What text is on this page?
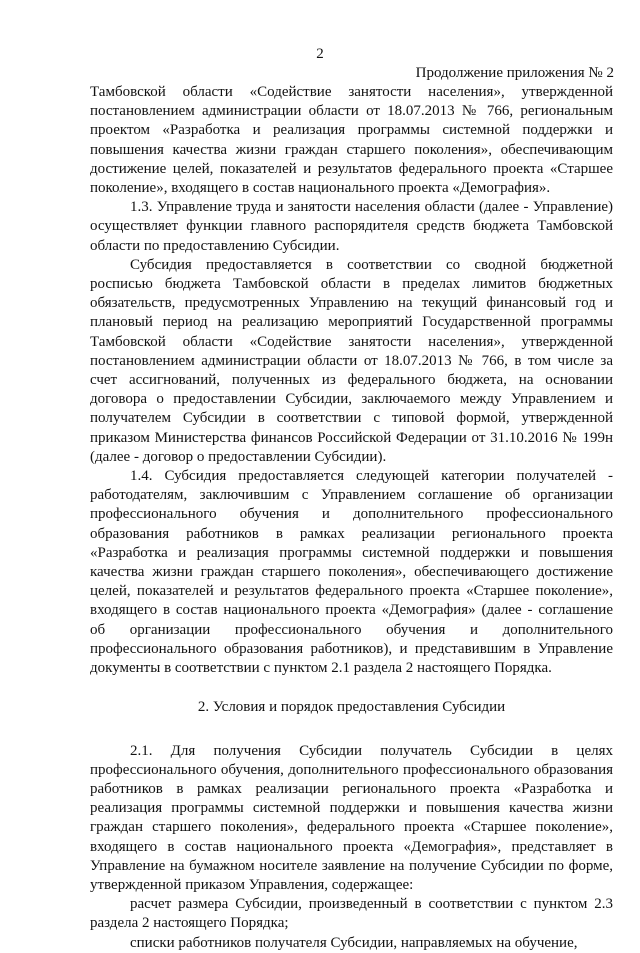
2
Продолжение приложения № 2

Тамбовской области «Содействие занятости населения», утвержденной постановлением администрации области от 18.07.2013 № 766, региональным проектом «Разработка и реализация программы системной поддержки и повышения качества жизни граждан старшего поколения», обеспечивающим достижение целей, показателей и результатов федерального проекта «Старшее поколение», входящего в состав национального проекта «Демография».

1.3. Управление труда и занятости населения области (далее - Управление) осуществляет функции главного распорядителя средств бюджета Тамбовской области по предоставлению Субсидии.

Субсидия предоставляется в соответствии со сводной бюджетной росписью бюджета Тамбовской области в пределах лимитов бюджетных обязательств, предусмотренных Управлению на текущий финансовый год и плановый период на реализацию мероприятий Государственной программы Тамбовской области «Содействие занятости населения», утвержденной постановлением администрации области от 18.07.2013 № 766, в том числе за счет ассигнований, полученных из федерального бюджета, на основании договора о предоставлении Субсидии, заключаемого между Управлением и получателем Субсидии в соответствии с типовой формой, утвержденной приказом Министерства финансов Российской Федерации от 31.10.2016 № 199н (далее - договор о предоставлении Субсидии).

1.4. Субсидия предоставляется следующей категории получателей - работодателям, заключившим с Управлением соглашение об организации профессионального обучения и дополнительного профессионального образования работников в рамках реализации регионального проекта «Разработка и реализация программы системной поддержки и повышения качества жизни граждан старшего поколения», обеспечивающего достижение целей, показателей и результатов федерального проекта «Старшее поколение», входящего в состав национального проекта «Демография» (далее - соглашение об организации профессионального обучения и дополнительного профессионального образования работников), и представившим в Управление документы в соответствии с пунктом 2.1 раздела 2 настоящего Порядка.

2. Условия и порядок предоставления Субсидии

2.1. Для получения Субсидии получатель Субсидии в целях профессионального обучения, дополнительного профессионального образования работников в рамках реализации регионального проекта «Разработка и реализация программы системной поддержки и повышения качества жизни граждан старшего поколения», федерального проекта «Старшее поколение», входящего в состав национального проекта «Демография», представляет в Управление на бумажном носителе заявление на получение Субсидии по форме, утвержденной приказом Управления, содержащее:

расчет размера Субсидии, произведенный в соответствии с пунктом 2.3 раздела 2 настоящего Порядка;

списки работников получателя Субсидии, направляемых на обучение,
